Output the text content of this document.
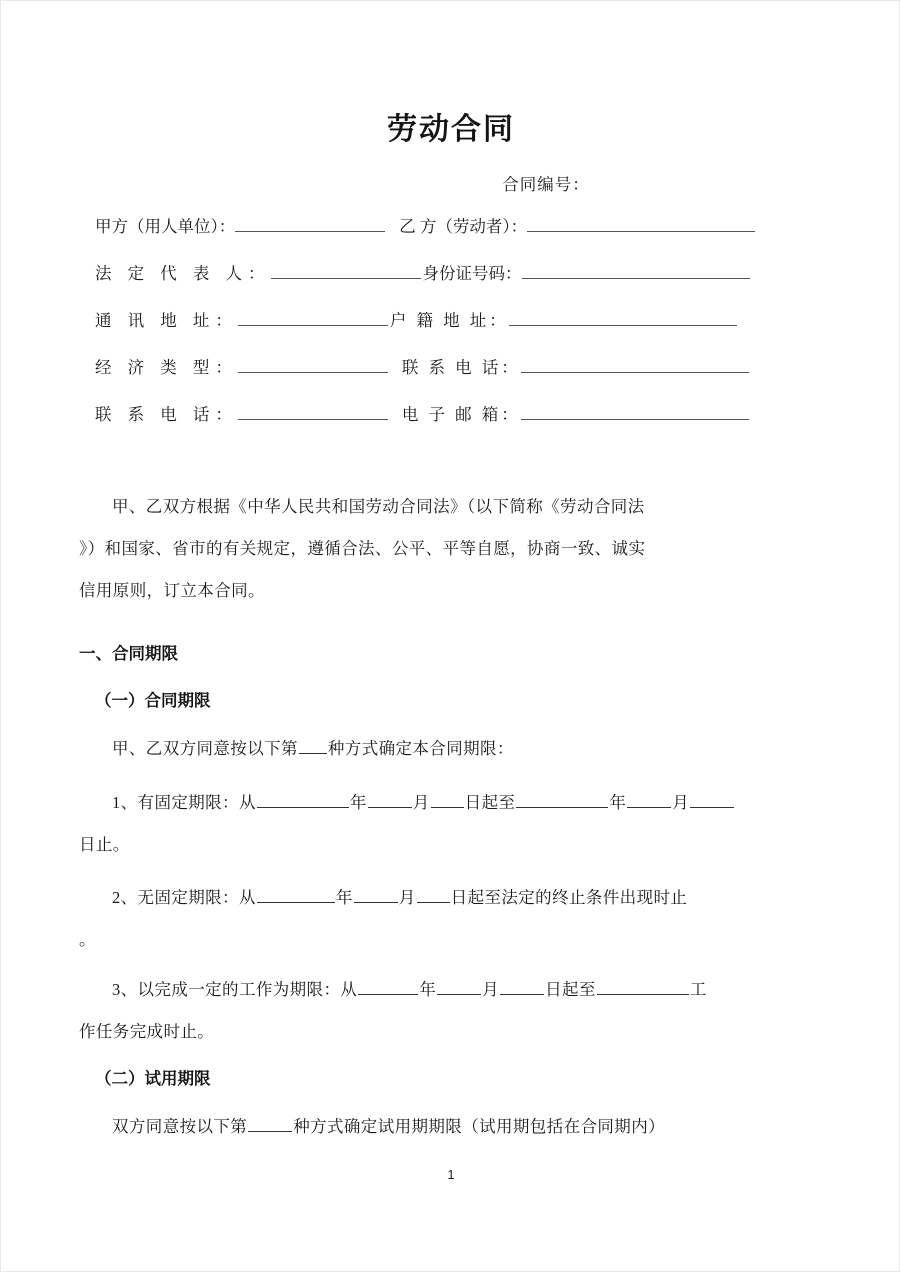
劳动合同
合同编号：
甲方（用人单位）：	乙 方（劳动者）：
法 定 代 表 人：	身份证号码：
通 讯 地 址：	户 籍 地 址：
经 济 类 型：	联 系 电 话：
联 系 电 话：	电 子 邮 箱：
甲、乙双方根据《中华人民共和国劳动合同法》（以下简称《劳动合同法
》）和国家、省市的有关规定，遵循合法、公平、平等自愿，协商一致、诚实
信用原则，订立本合同。
一、合同期限
（一）合同期限
甲、乙双方同意按以下第 种方式确定本合同期限：
1、有固定期限：从	年	月 日起至	年	月
日止。
2、无固定期限：从	年	月 日起至法定的终止条件出现时止
。
3、以完成一定的工作为期限：从	年	月	日起至	工
作任务完成时止。
（二）试用期限
双方同意按以下第	种方式确定试用期期限（试用期包括在合同期内）
1
